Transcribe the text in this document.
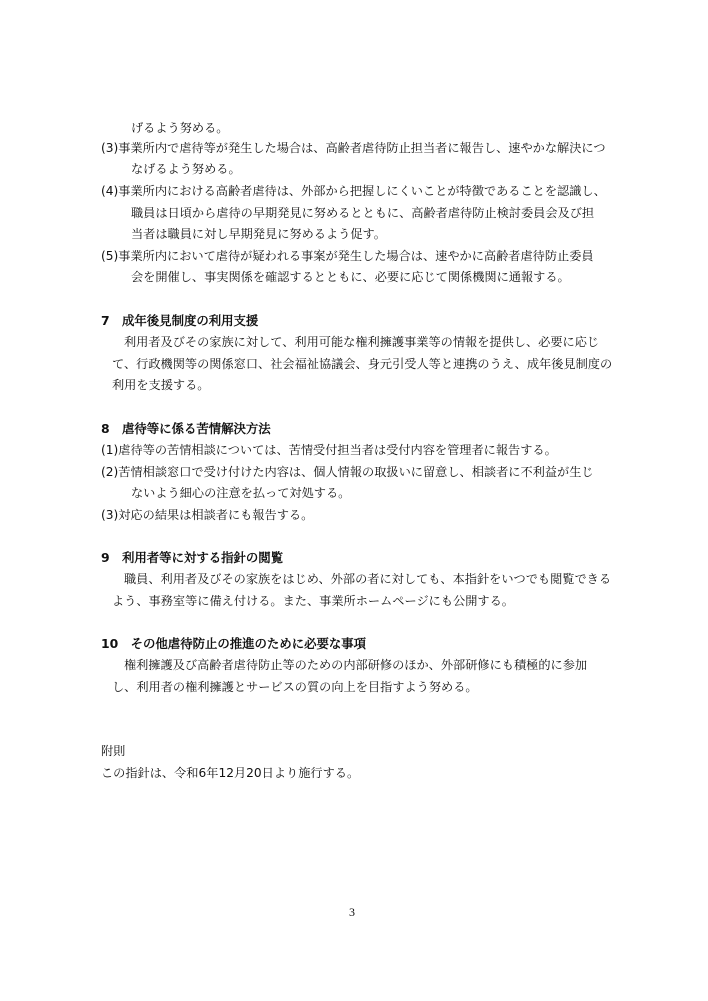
げるよう努める。
(3)事業所内で虐待等が発生した場合は、高齢者虐待防止担当者に報告し、速やかな解決につ
なげるよう努める。
(4)事業所内における高齢者虐待は、外部から把握しにくいことが特徴であることを認識し、
職員は日頃から虐待の早期発見に努めるとともに、高齢者虐待防止検討委員会及び担
当者は職員に対し早期発見に努めるよう促す。
(5)事業所内において虐待が疑われる事案が発生した場合は、速やかに高齢者虐待防止委員
会を開催し、事実関係を確認するとともに、必要に応じて関係機関に通報する。
7　成年後見制度の利用支援
利用者及びその家族に対して、利用可能な権利擁護事業等の情報を提供し、必要に応じ
て、行政機関等の関係窓口、社会福祉協議会、身元引受人等と連携のうえ、成年後見制度の
利用を支援する。
8　虐待等に係る苦情解決方法
(1)虐待等の苦情相談については、苦情受付担当者は受付内容を管理者に報告する。
(2)苦情相談窓口で受け付けた内容は、個人情報の取扱いに留意し、相談者に不利益が生じ
ないよう細心の注意を払って対処する。
(3)対応の結果は相談者にも報告する。
9　利用者等に対する指針の閲覧
職員、利用者及びその家族をはじめ、外部の者に対しても、本指針をいつでも閲覧できる
よう、事務室等に備え付ける。また、事業所ホームページにも公開する。
10　その他虐待防止の推進のために必要な事項
権利擁護及び高齢者虐待防止等のための内部研修のほか、外部研修にも積極的に参加
し、利用者の権利擁護とサービスの質の向上を目指すよう努める。
附則
この指針は、令和6年12月20日より施行する。
3
